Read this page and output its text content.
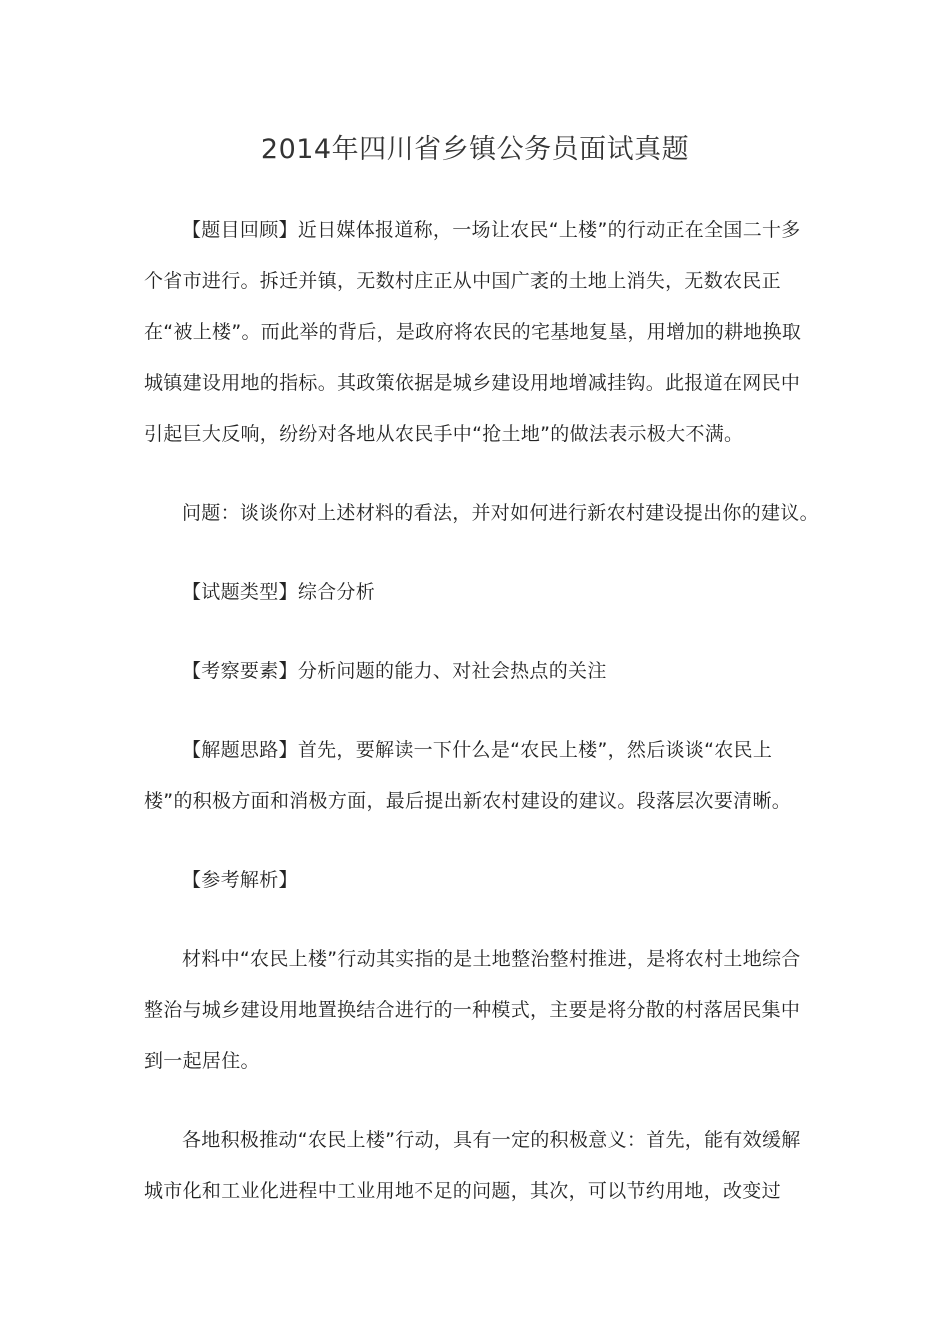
2014年四川省乡镇公务员面试真题

【题目回顾】近日媒体报道称，一场让农民“上楼”的行动正在全国二十多个省市进行。拆迁并镇，无数村庄正从中国广袤的土地上消失，无数农民正在“被上楼”。而此举的背后，是政府将农民的宅基地复垦，用增加的耕地换取城镇建设用地的指标。其政策依据是城乡建设用地增减挂钩。此报道在网民中引起巨大反响，纷纷对各地从农民手中“抢土地”的做法表示极大不满。

问题：谈谈你对上述材料的看法，并对如何进行新农村建设提出你的建议。

【试题类型】综合分析

【考察要素】分析问题的能力、对社会热点的关注

【解题思路】首先，要解读一下什么是“农民上楼”，然后谈谈“农民上楼”的积极方面和消极方面，最后提出新农村建设的建议。段落层次要清晰。

【参考解析】

材料中“农民上楼”行动其实指的是土地整治整村推进，是将农村土地综合整治与城乡建设用地置换结合进行的一种模式，主要是将分散的村落居民集中到一起居住。

各地积极推动“农民上楼”行动，具有一定的积极意义：首先，能有效缓解城市化和工业化进程中工业用地不足的问题，其次，可以节约用地，改变过
